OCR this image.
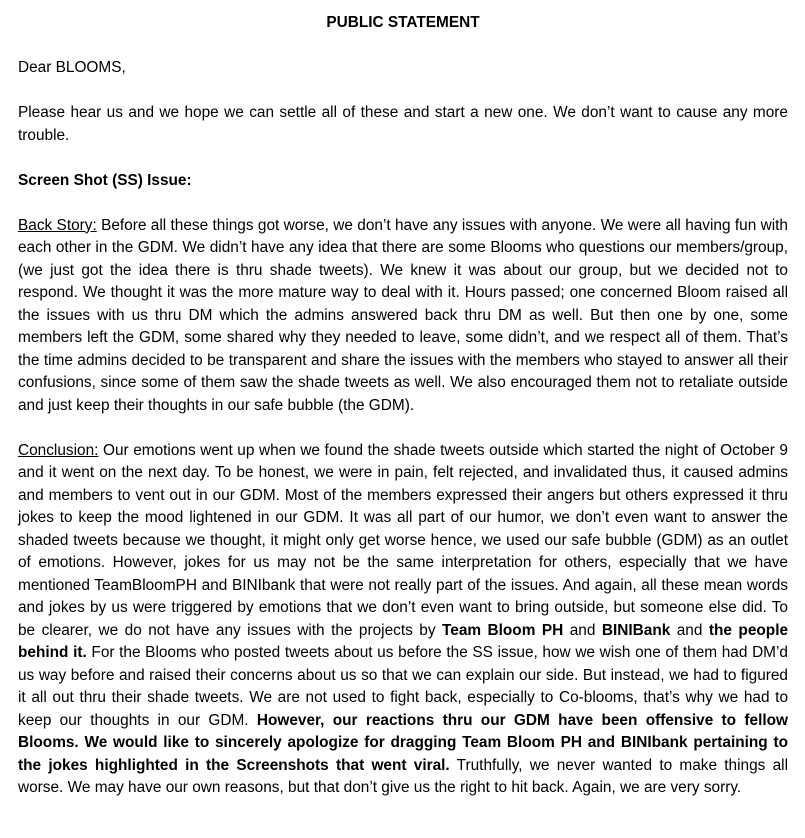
PUBLIC STATEMENT

Dear BLOOMS,

Please hear us and we hope we can settle all of these and start a new one. We don’t want to cause any more trouble.

Screen Shot (SS) Issue:

Back Story: Before all these things got worse, we don’t have any issues with anyone. We were all having fun with each other in the GDM. We didn’t have any idea that there are some Blooms who questions our members/group, (we just got the idea there is thru shade tweets). We knew it was about our group, but we decided not to respond. We thought it was the more mature way to deal with it. Hours passed; one concerned Bloom raised all the issues with us thru DM which the admins answered back thru DM as well. But then one by one, some members left the GDM, some shared why they needed to leave, some didn’t, and we respect all of them. That’s the time admins decided to be transparent and share the issues with the members who stayed to answer all their confusions, since some of them saw the shade tweets as well. We also encouraged them not to retaliate outside and just keep their thoughts in our safe bubble (the GDM).

Conclusion: Our emotions went up when we found the shade tweets outside which started the night of October 9 and it went on the next day. To be honest, we were in pain, felt rejected, and invalidated thus, it caused admins and members to vent out in our GDM. Most of the members expressed their angers but others expressed it thru jokes to keep the mood lightened in our GDM. It was all part of our humor, we don’t even want to answer the shaded tweets because we thought, it might only get worse hence, we used our safe bubble (GDM) as an outlet of emotions. However, jokes for us may not be the same interpretation for others, especially that we have mentioned TeamBloomPH and BINIbank that were not really part of the issues. And again, all these mean words and jokes by us were triggered by emotions that we don’t even want to bring outside, but someone else did. To be clearer, we do not have any issues with the projects by Team Bloom PH and BINIBank and the people behind it. For the Blooms who posted tweets about us before the SS issue, how we wish one of them had DM’d us way before and raised their concerns about us so that we can explain our side. But instead, we had to figured it all out thru their shade tweets. We are not used to fight back, especially to Co-blooms, that’s why we had to keep our thoughts in our GDM. However, our reactions thru our GDM have been offensive to fellow Blooms. We would like to sincerely apologize for dragging Team Bloom PH and BINIbank pertaining to the jokes highlighted in the Screenshots that went viral. Truthfully, we never wanted to make things all worse. We may have our own reasons, but that don’t give us the right to hit back. Again, we are very sorry.
